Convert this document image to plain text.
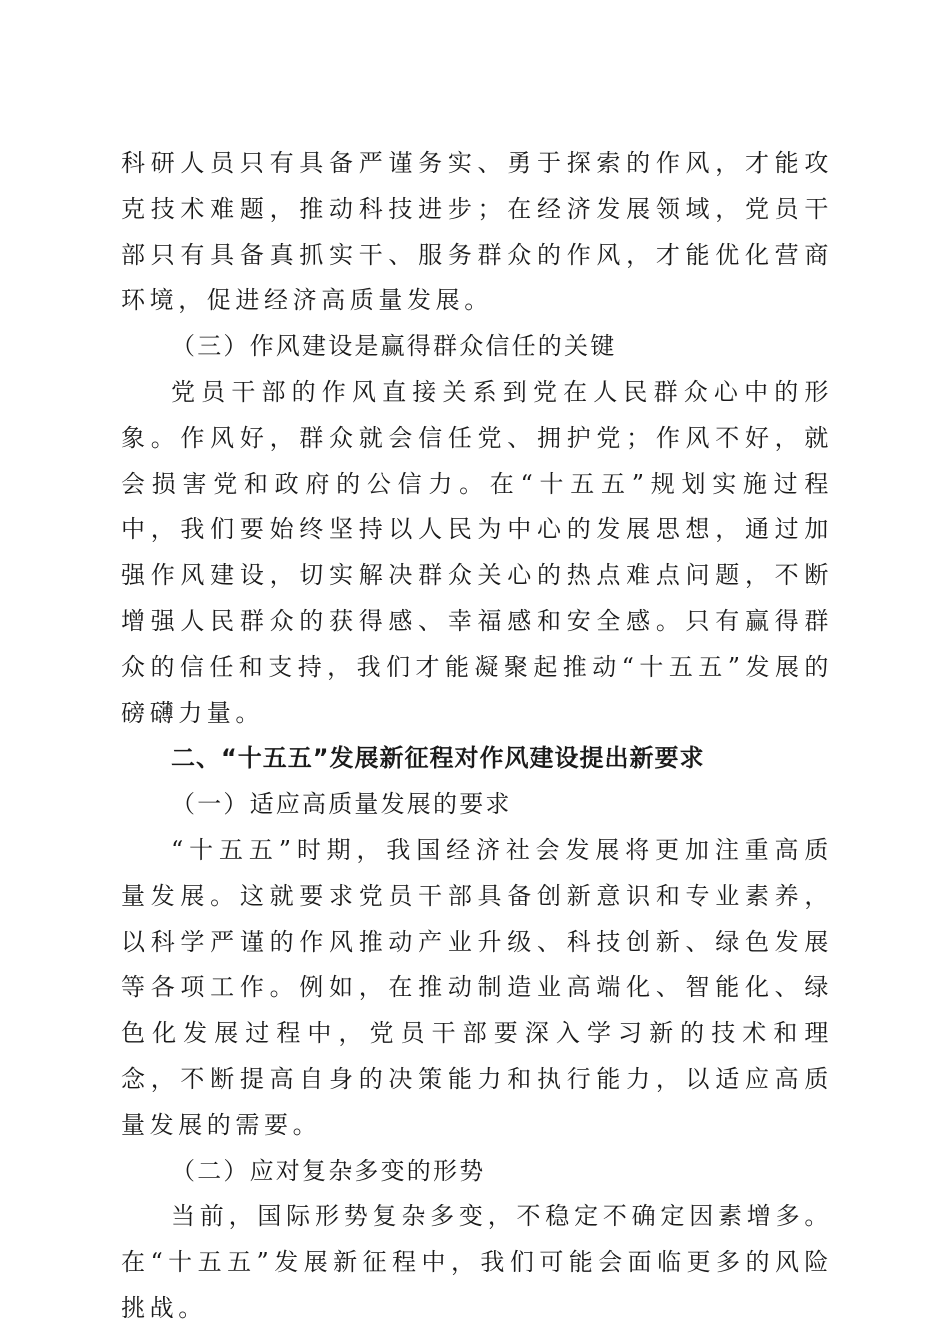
科研人员只有具备严谨务实、勇于探索的作风，才能攻克技术难题，推动科技进步；在经济发展领域，党员干部只有具备真抓实干、服务群众的作风，才能优化营商环境，促进经济高质量发展。

（三）作风建设是赢得群众信任的关键

党员干部的作风直接关系到党在人民群众心中的形象。作风好，群众就会信任党、拥护党；作风不好，就会损害党和政府的公信力。在“十五五”规划实施过程中，我们要始终坚持以人民为中心的发展思想，通过加强作风建设，切实解决群众关心的热点难点问题，不断增强人民群众的获得感、幸福感和安全感。只有赢得群众的信任和支持，我们才能凝聚起推动“十五五”发展的磅礴力量。

二、“十五五”发展新征程对作风建设提出新要求

（一）适应高质量发展的要求

“十五五”时期，我国经济社会发展将更加注重高质量发展。这就要求党员干部具备创新意识和专业素养，以科学严谨的作风推动产业升级、科技创新、绿色发展等各项工作。例如，在推动制造业高端化、智能化、绿色化发展过程中，党员干部要深入学习新的技术和理念，不断提高自身的决策能力和执行能力，以适应高质量发展的需要。

（二）应对复杂多变的形势

当前，国际形势复杂多变，不稳定不确定因素增多。在“十五五”发展新征程中，我们可能会面临更多的风险挑战。
